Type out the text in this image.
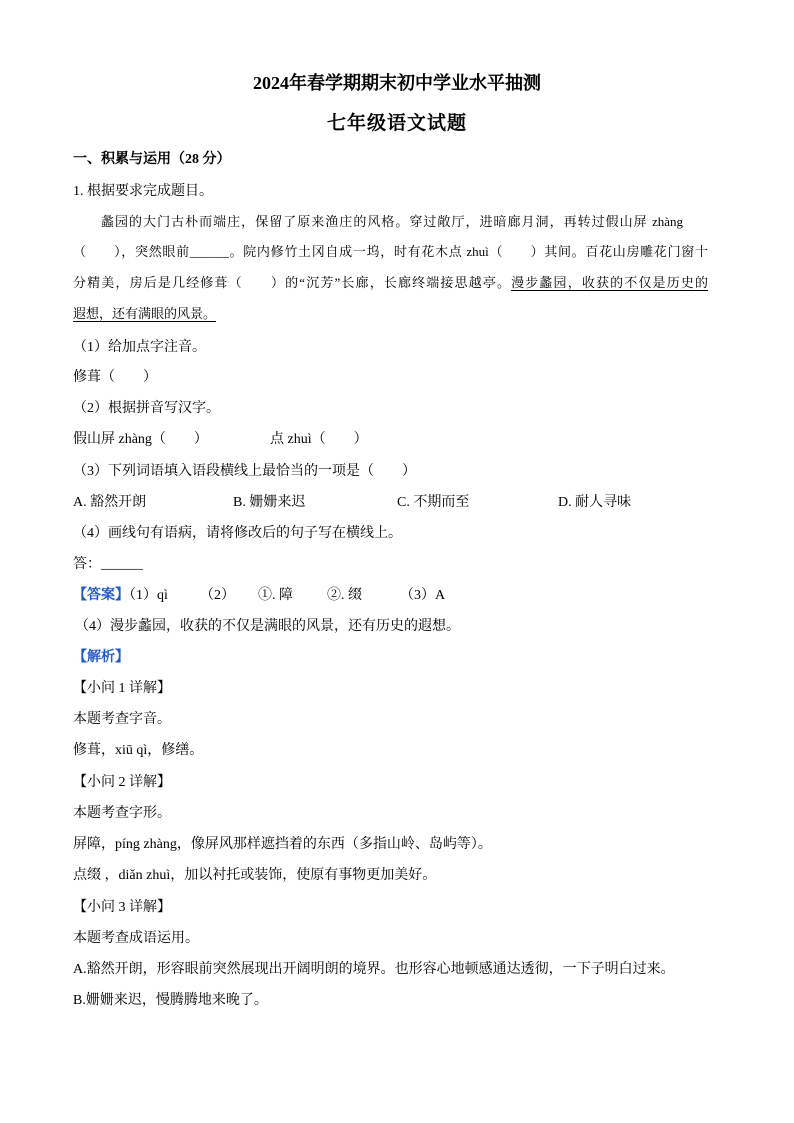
2024年春学期期末初中学业水平抽测
七年级语文试题
一、积累与运用（28 分）
1. 根据要求完成题目。
蠡园的大门古朴而端庄，保留了原来渔庄的风格。穿过敞厅，进暗廊月洞，再转过假山屏 zhàng
（　　），突然眼前______。院内修竹土冈自成一坞，时有花木点 zhuì（　　）其间。百花山房雕花门窗十
分精美，房后是几经修葺（　　）的“沉芳”长廊，长廊终端接思越亭。漫步蠡园，收获的不仅是历史的
遐想，还有满眼的风景。
（1）给加点字注音。
修葺（　　）
（2）根据拼音写汉字。
假山屏 zhàng（　　）	点 zhuì（　　）
（3）下列词语填入语段横线上最恰当的一项是（　　）
A. 豁然开朗	B. 姗姗来迟	C. 不期而至	D. 耐人寻味
（4）画线句有语病，请将修改后的句子写在横线上。
答：______
【答案】
（1）qì （2） ①. 障 ②. 缀	（3）A
（4）漫步蠡园，收获的不仅是满眼的风景，还有历史的遐想。
【解析】
【小问 1 详解】
本题考查字音。
修葺，xiū qì，修缮。
【小问 2 详解】
本题考查字形。
屏障，píng zhàng，像屏风那样遮挡着的东西（多指山岭、岛屿等）。
点缀 ，diǎn zhuì，加以衬托或装饰，使原有事物更加美好。
【小问 3 详解】
本题考查成语运用。
A.豁然开朗，形容眼前突然展现出开阔明朗的境界。也形容心地顿感通达透彻，一下子明白过来。
B.姗姗来迟，慢腾腾地来晚了。
